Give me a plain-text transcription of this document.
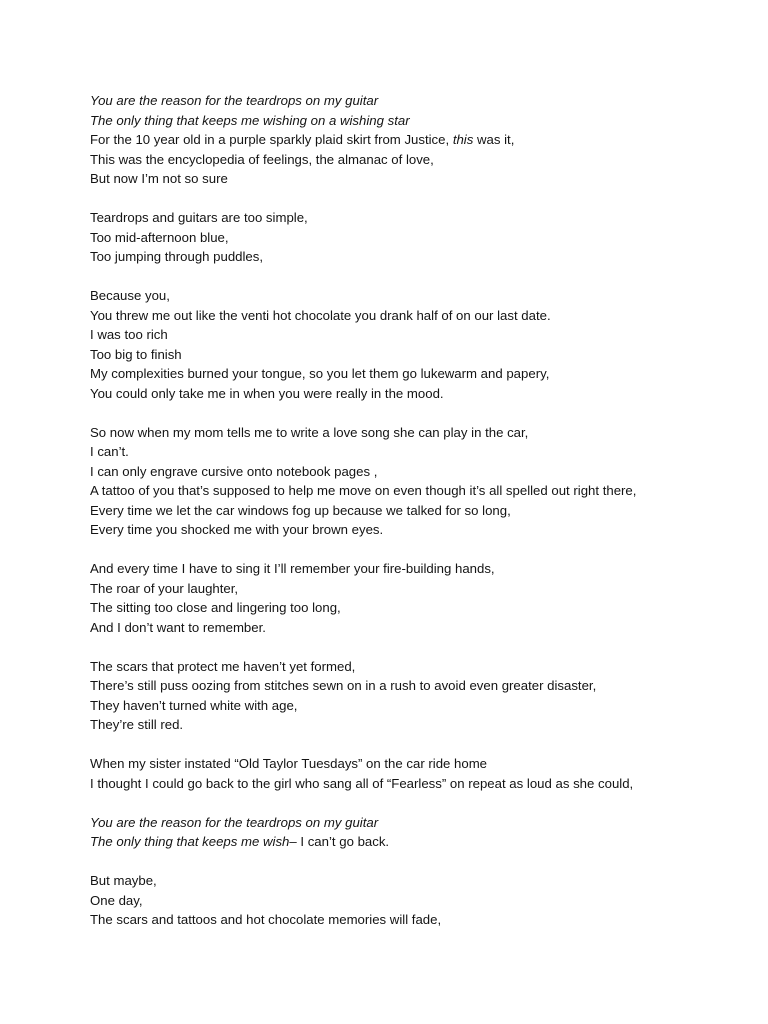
You are the reason for the teardrops on my guitar
The only thing that keeps me wishing on a wishing star
For the 10 year old in a purple sparkly plaid skirt from Justice, this was it,
This was the encyclopedia of feelings, the almanac of love,
But now I’m not so sure
Teardrops and guitars are too simple,
Too mid-afternoon blue,
Too jumping through puddles,
Because you,
You threw me out like the venti hot chocolate you drank half of on our last date.
I was too rich
Too big to finish
My complexities burned your tongue, so you let them go lukewarm and papery,
You could only take me in when you were really in the mood.
So now when my mom tells me to write a love song she can play in the car,
I can’t.
I can only engrave cursive onto notebook pages ,
A tattoo of you that’s supposed to help me move on even though it’s all spelled out right there,
Every time we let the car windows fog up because we talked for so long,
Every time you shocked me with your brown eyes.
And every time I have to sing it I’ll remember your fire-building hands,
The roar of your laughter,
The sitting too close and lingering too long,
And I don’t want to remember.
The scars that protect me haven’t yet formed,
There’s still puss oozing from stitches sewn on in a rush to avoid even greater disaster,
They haven’t turned white with age,
They’re still red.
When my sister instated “Old Taylor Tuesdays” on the car ride home
I thought I could go back to the girl who sang all of “Fearless” on repeat as loud as she could,
You are the reason for the teardrops on my guitar
The only thing that keeps me wish– I can’t go back.
But maybe,
One day,
The scars and tattoos and hot chocolate memories will fade,
